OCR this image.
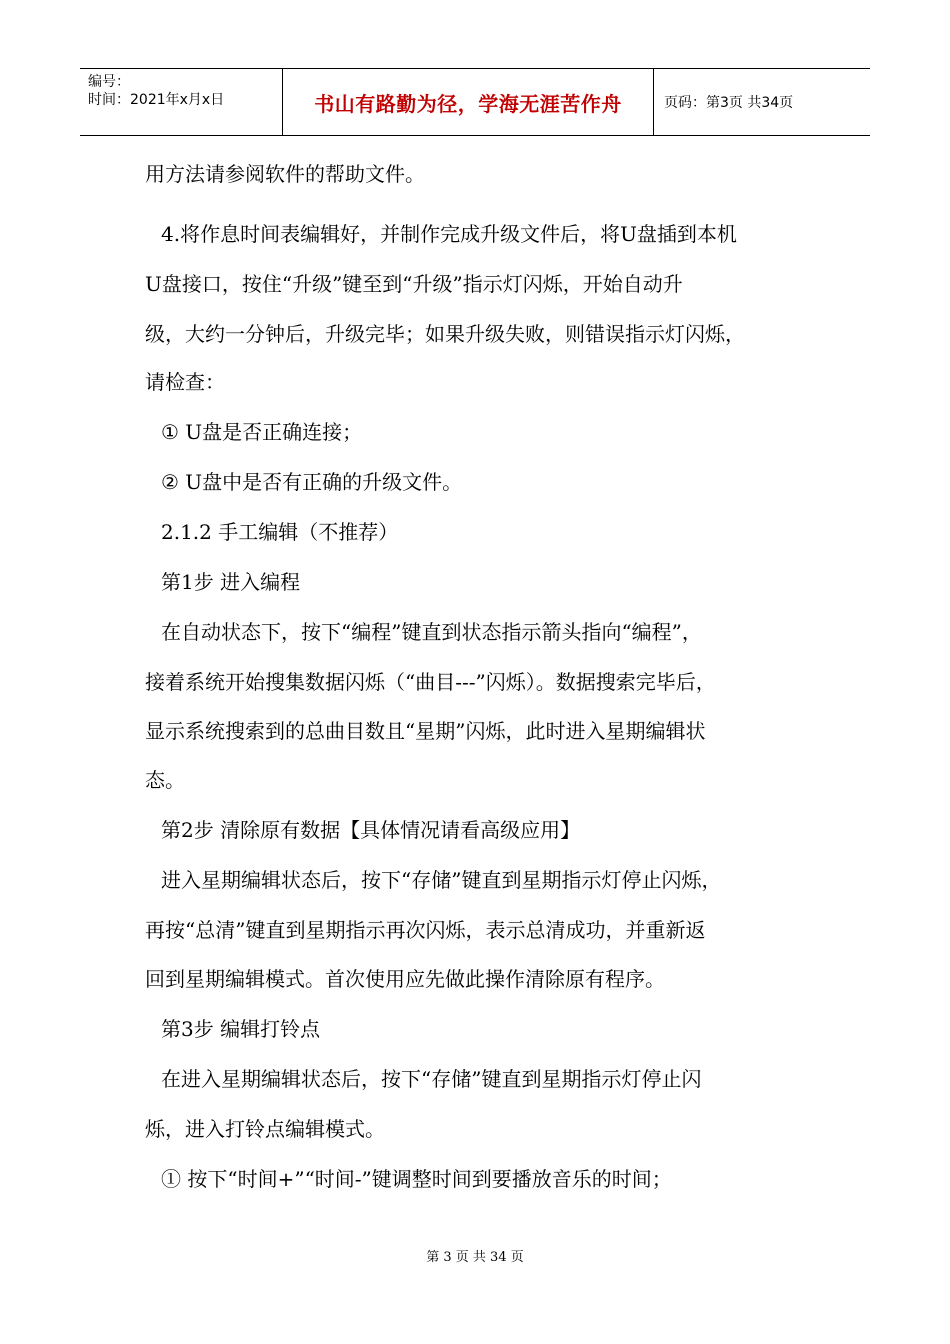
编号：
时间：2021年x月x日	书山有路勤为径，学海无涯苦作舟	页码：第3页 共34页
用方法请参阅软件的帮助文件。
4.将作息时间表编辑好，并制作完成升级文件后，将U盘插到本机
U盘接口，按住“升级”键至到“升级”指示灯闪烁，开始自动升
级，大约一分钟后，升级完毕；如果升级失败，则错误指示灯闪烁，
请检查：
① U盘是否正确连接；
② U盘中是否有正确的升级文件。
2.1.2 手工编辑（不推荐）
第1步 进入编程
在自动状态下，按下“编程”键直到状态指示箭头指向“编程”，
接着系统开始搜集数据闪烁（“曲目---”闪烁）。数据搜索完毕后，
显示系统搜索到的总曲目数且“星期”闪烁，此时进入星期编辑状
态。
第2步 清除原有数据【具体情况请看高级应用】
进入星期编辑状态后，按下“存储”键直到星期指示灯停止闪烁，
再按“总清”键直到星期指示再次闪烁，表示总清成功，并重新返
回到星期编辑模式。首次使用应先做此操作清除原有程序。
第3步 编辑打铃点
在进入星期编辑状态后，按下“存储”键直到星期指示灯停止闪
烁，进入打铃点编辑模式。
① 按下“时间+”“时间-”键调整时间到要播放音乐的时间；
第 3 页 共 34 页
